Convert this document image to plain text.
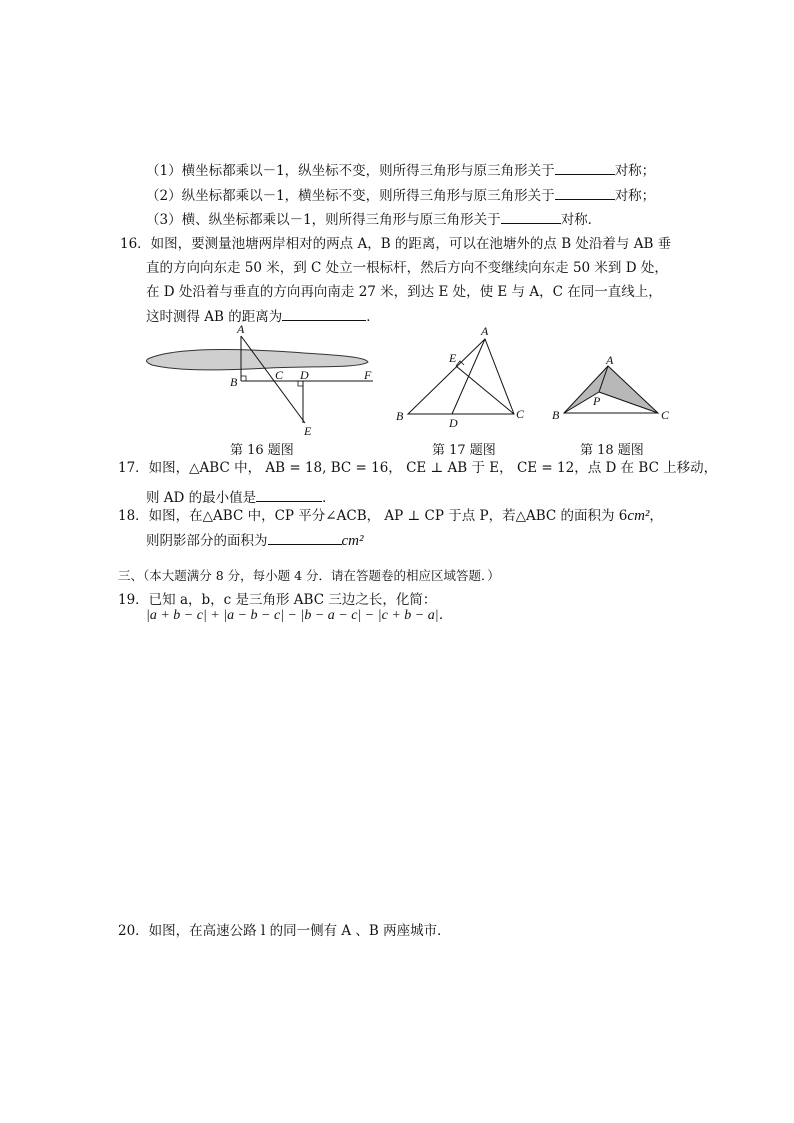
（1）横坐标都乘以－1，纵坐标不变，则所得三角形与原三角形关于	对称；
（2）纵坐标都乘以－1，横坐标不变，则所得三角形与原三角形关于	对称；
（3）横、纵坐标都乘以－1，则所得三角形与原三角形关于	对称．
16．如图，要测量池塘两岸相对的两点 A，B 的距离，可以在池塘外的点 B 处沿着与 AB 垂
直的方向向东走 50 米，到 C 处立一根标杆，然后方向不变继续向东走 50 米到 D 处，
在 D 处沿着与垂直的方向再向南走 27 米，到达 E 处，使 E 与 A，C 在同一直线上，
这时测得 AB 的距离为	．
A
B	C D
E
F
A
B	C
D
E	A
B	C
P
第 16 题图	第 17 题图	第 18 题图
17．如图，△ABC 中， AB = 18, BC = 16， CE ⊥ AB 于 E， CE = 12，点 D 在 BC 上移动，
则 AD 的最小值是	．
18．如图，在△ABC 中，CP 平分∠ACB， AP ⊥ CP 于点 P，若△ABC 的面积为 6cm²，
则阴影部分的面积为	cm²
三、（本大题满分 8 分，每小题 4 分．请在答题卷的相应区域答题．）
19．已知 a，b，c 是三角形 ABC 三边之长，化简：
|a + b − c| + |a − b − c| − |b − a − c| − |c + b − a|．
20．如图，在高速公路 l 的同一侧有 A 、B 两座城市．
